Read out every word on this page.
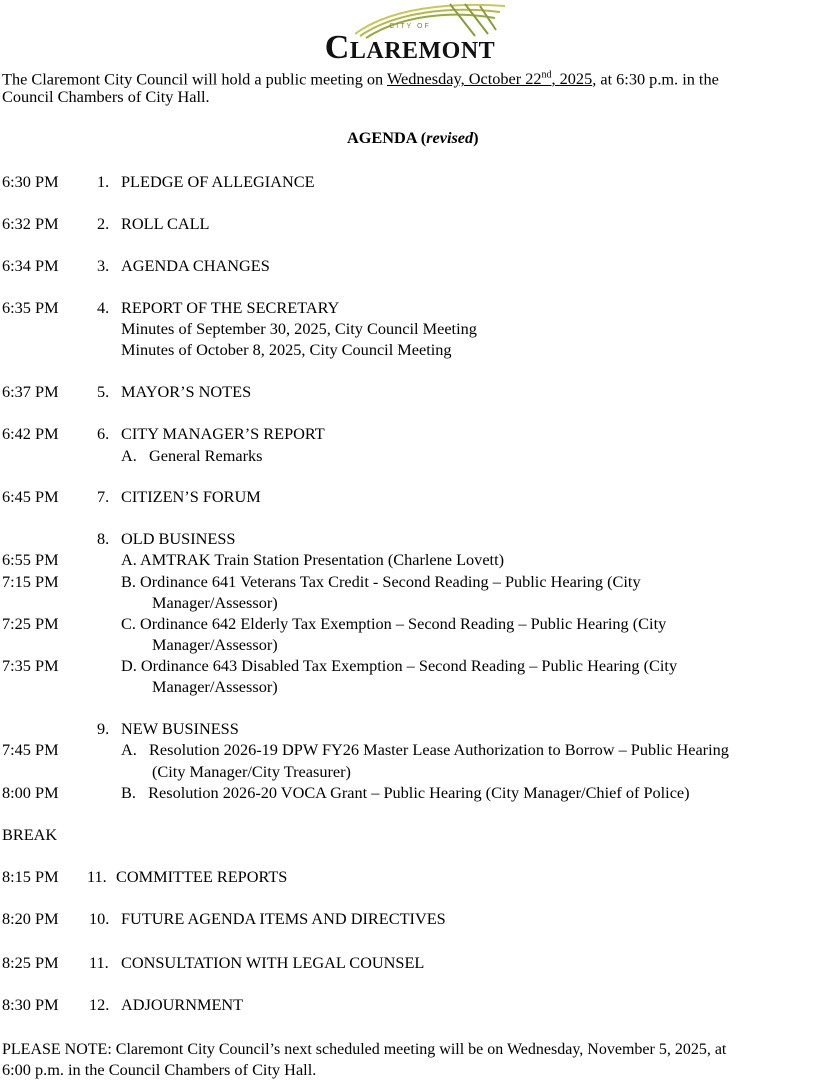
CITY OF
Claremont
The Claremont City Council will hold a public meeting on Wednesday, October 22nd, 2025, at 6:30 p.m. in the
Council Chambers of City Hall.
AGENDA (revised)
6:30 PM 1. PLEDGE OF ALLEGIANCE
6:32 PM 2. ROLL CALL
6:34 PM 3. AGENDA CHANGES
6:35 PM 4. REPORT OF THE SECRETARY
Minutes of September 30, 2025, City Council Meeting
Minutes of October 8, 2025, City Council Meeting
6:37 PM 5. MAYOR’S NOTES
6:42 PM 6. CITY MANAGER’S REPORT
A.   General Remarks
6:45 PM 7. CITIZEN’S FORUM
8. OLD BUSINESS
6:55 PM	A. AMTRAK Train Station Presentation (Charlene Lovett)
7:15 PM	B. Ordinance 641 Veterans Tax Credit - Second Reading – Public Hearing (City
Manager/Assessor)
7:25 PM	C. Ordinance 642 Elderly Tax Exemption – Second Reading – Public Hearing (City
Manager/Assessor)
7:35 PM	D. Ordinance 643 Disabled Tax Exemption – Second Reading – Public Hearing (City
Manager/Assessor)
9. NEW BUSINESS
7:45 PM	A.   Resolution 2026-19 DPW FY26 Master Lease Authorization to Borrow – Public Hearing
(City Manager/City Treasurer)
8:00 PM	B.   Resolution 2026-20 VOCA Grant – Public Hearing (City Manager/Chief of Police)
BREAK
8:15 PM 11. COMMITTEE REPORTS
8:20 PM 10. FUTURE AGENDA ITEMS AND DIRECTIVES
8:25 PM 11. CONSULTATION WITH LEGAL COUNSEL
8:30 PM 12. ADJOURNMENT
PLEASE NOTE: Claremont City Council’s next scheduled meeting will be on Wednesday, November 5, 2025, at
6:00 p.m. in the Council Chambers of City Hall.
